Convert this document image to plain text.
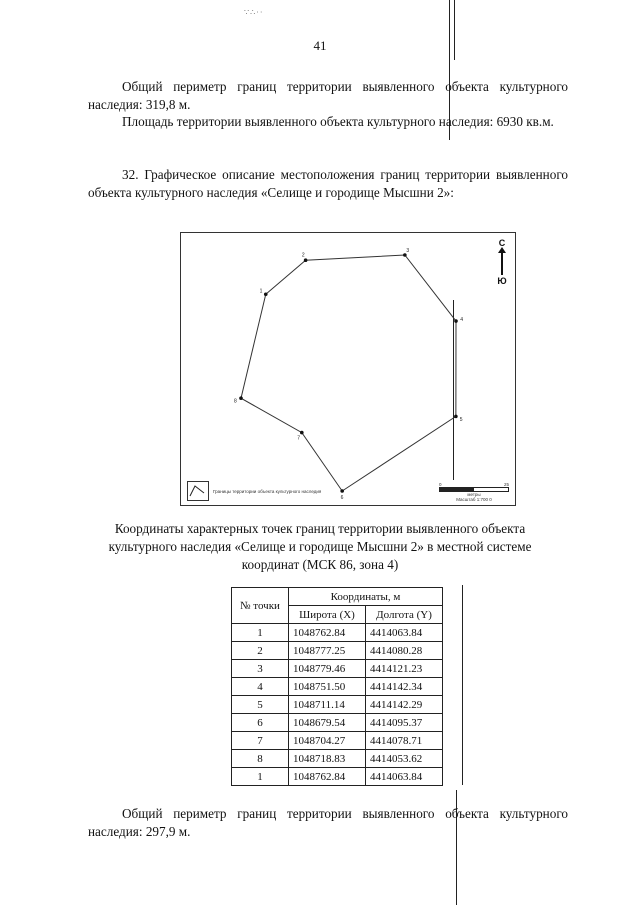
∵∴··
41
Общий периметр границ территории выявленного объекта культурного наследия: 319,8 м.
Площадь территории выявленного объекта культурного наследия: 6930 кв.м.
32. Графическое описание местоположения границ территории выявленного объекта культурного наследия «Селище и городище Мысшни 2»:
1
2
3
4
5
6
7
8
С
Ю
Границы территории объекта культурного наследия
0	25
метры
Масштаб 1:700 0
Координаты характерных точек границ территории выявленного объекта культурного наследия «Селище и городище Мысшни 2» в местной системе координат (МСК 86, зона 4)
№ точки	Координаты, м	
	Широта (X)	Долгота (Y)
1	1048762.84	4414063.84
2	1048777.25	4414080.28
3	1048779.46	4414121.23
4	1048751.50	4414142.34
5	1048711.14	4414142.29
6	1048679.54	4414095.37
7	1048704.27	4414078.71
8	1048718.83	4414053.62
1	1048762.84	4414063.84
Общий периметр границ территории выявленного объекта культурного наследия: 297,9 м.
